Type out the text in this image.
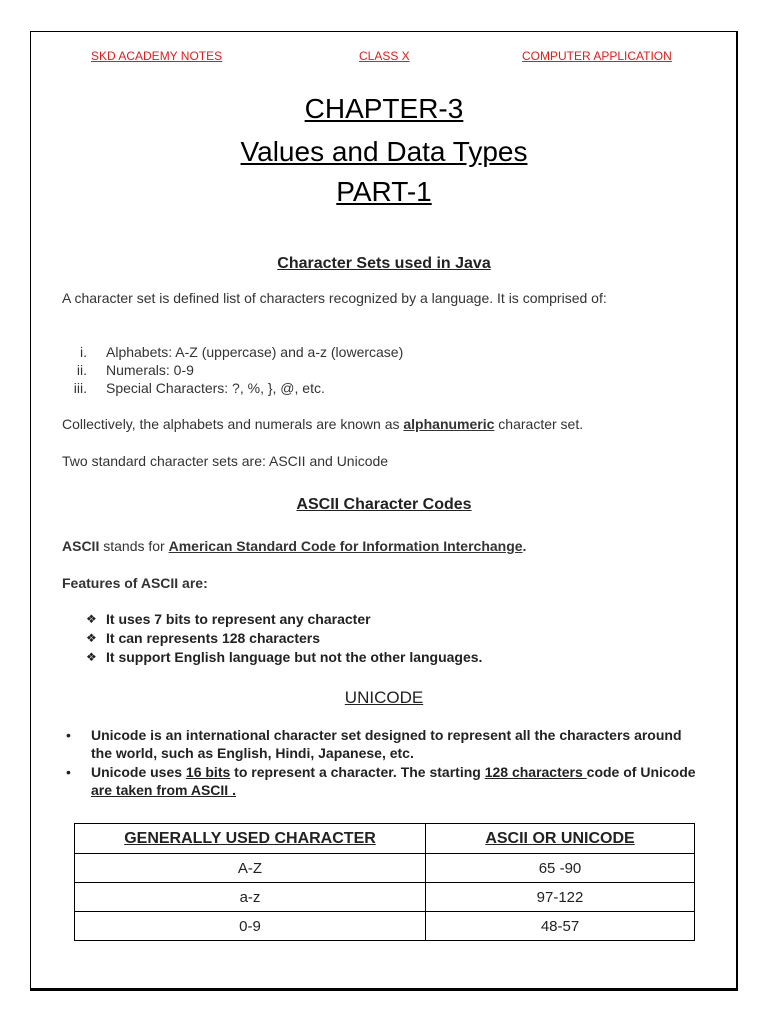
SKD ACADEMY NOTES	CLASS X	COMPUTER APPLICATION
CHAPTER-3
Values and Data Types
PART-1
Character Sets used in Java
A character set is defined list of characters recognized by a language. It is comprised of:
i. Alphabets: A-Z (uppercase) and a-z (lowercase)
ii. Numerals: 0-9
iii. Special Characters: ?, %, }, @, etc.
Collectively, the alphabets and numerals are known as alphanumeric character set.
Two standard character sets are: ASCII and Unicode
ASCII Character Codes
ASCII stands for American Standard Code for Information Interchange.
Features of ASCII are:
❖ It uses 7 bits to represent any character
❖ It can represents 128 characters
❖ It support English language but not the other languages.
UNICODE
• Unicode is an international character set designed to represent all the characters around the world, such as English, Hindi, Japanese, etc.
• Unicode uses 16 bits to represent a character. The starting 128 characters code of Unicode are taken from ASCII .
GENERALLY USED CHARACTER	ASCII OR UNICODE
A-Z	65 -90
a-z	97-122
0-9	48-57
